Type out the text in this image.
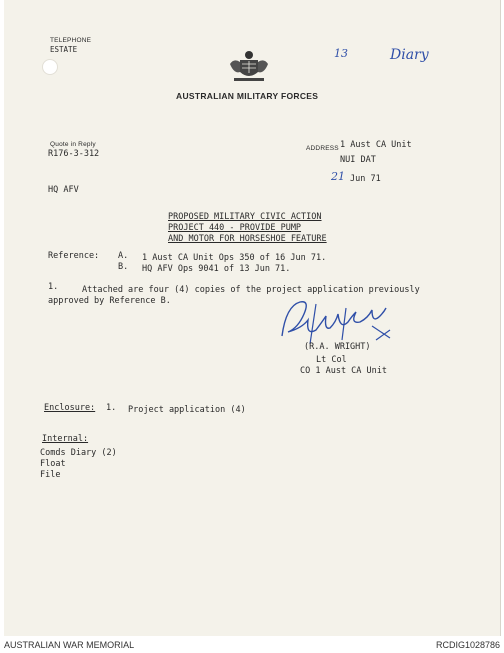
TELEPHONE
ESTATE
AUSTRALIAN MILITARY FORCES
13	Diary
Quote in Reply
R176-3-312
ADDRESS 1 Aust CA Unit
NUI DAT
21 Jun 71
HQ AFV
PROPOSED MILITARY CIVIC ACTION
PROJECT 440 - PROVIDE PUMP
AND MOTOR FOR HORSESHOE FEATURE
Reference: A. 1 Aust CA Unit Ops 350 of 16 Jun 71.
B. HQ AFV Ops 9041 of 13 Jun 71.
1.	Attached are four (4) copies of the project application previously
approved by Reference B.
(R.A. WRIGHT)
Lt Col
CO 1 Aust CA Unit
Enclosure: 1. Project application (4)
Internal:
Comds Diary (2)
Float
File
AUSTRALIAN WAR MEMORIAL	RCDIG1028786
